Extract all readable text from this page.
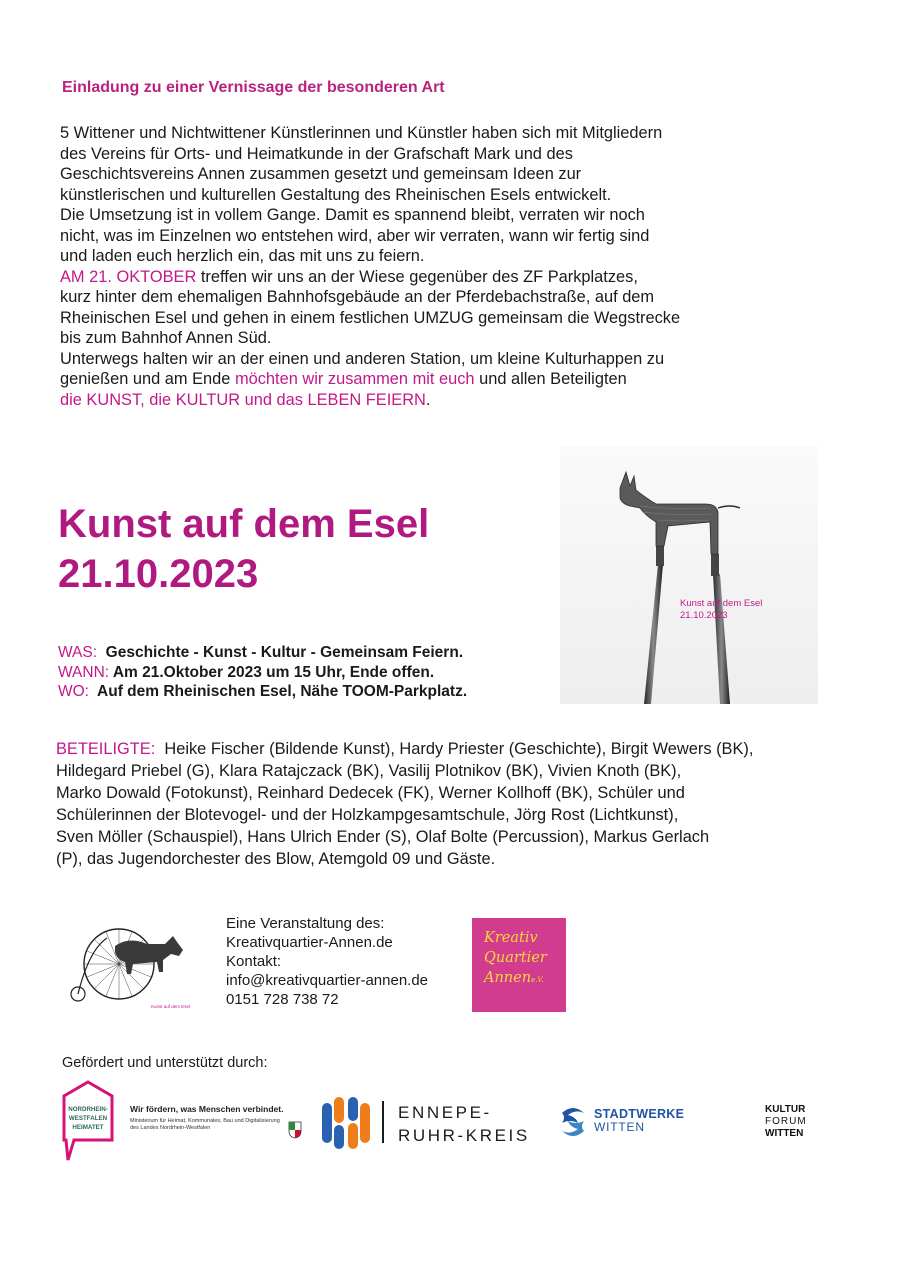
Einladung zu einer Vernissage der besonderen Art

5 Wittener und Nichtwittener Künstlerinnen und Künstler haben sich mit Mitgliedern

des Vereins für Orts- und Heimatkunde in der Grafschaft Mark und des

Geschichtsvereins Annen zusammen gesetzt und gemeinsam Ideen zur

künstlerischen und kulturellen Gestaltung des Rheinischen Esels entwickelt.

Die Umsetzung ist in vollem Gange. Damit es spannend bleibt, verraten wir noch

nicht, was im Einzelnen wo entstehen wird, aber wir verraten, wann wir fertig sind

und laden euch herzlich ein, das mit uns zu feiern.

AM 21. OKTOBER treffen wir uns an der Wiese gegenüber des ZF Parkplatzes,

kurz hinter dem ehemaligen Bahnhofsgebäude an der Pferdebachstraße, auf dem

Rheinischen Esel und gehen in einem festlichen UMZUG gemeinsam die Wegstrecke

bis zum Bahnhof Annen Süd.

Unterwegs halten wir an der einen und anderen Station, um kleine Kulturhappen zu

genießen und am Ende möchten wir zusammen mit euch und allen Beteiligten

die KUNST, die KULTUR und das LEBEN FEIERN.

Kunst auf dem Esel
21.10.2023
Kunst auf dem Esel
21.10.2023
WAS: Geschichte - Kunst - Kultur - Gemeinsam Feiern.
WANN: Am 21.Oktober 2023 um 15 Uhr, Ende offen.
WO: Auf dem Rheinischen Esel, Nähe TOOM-Parkplatz.
BETEILIGTE: Heike Fischer (Bildende Kunst), Hardy Priester (Geschichte), Birgit Wewers (BK),
Hildegard Priebel (G), Klara Ratajczack (BK), Vasilij Plotnikov (BK), Vivien Knoth (BK),
Marko Dowald (Fotokunst), Reinhard Dedecek (FK), Werner Kollhoff (BK), Schüler und
Schülerinnen der Blotevogel- und der Holzkampgesamtschule, Jörg Rost (Lichtkunst),
Sven Möller (Schauspiel), Hans Ulrich Ender (S), Olaf Bolte (Percussion), Markus Gerlach
(P), das Jugendorchester des Blow, Atemgold 09 und Gäste.
Kunst auf dem Esel
Eine Veranstaltung des:
Kreativquartier-Annen.de
Kontakt:
info@kreativquartier-annen.de
0151 728 738 72
Kreativ
Quartier
Annene.V.
Gefördert und unterstützt durch:
NORDRHEIN-
WESTFALEN
HEIMATET
Wir fördern, was Menschen verbindet.
Ministerium für Heimat, Kommunales, Bau und Digitalisierung des Landes Nordrhein-Westfalen
ENNEPE-
RUHR-KREIS
STADTWERKE
WITTEN
KULTUR
FORUM
WITTEN
